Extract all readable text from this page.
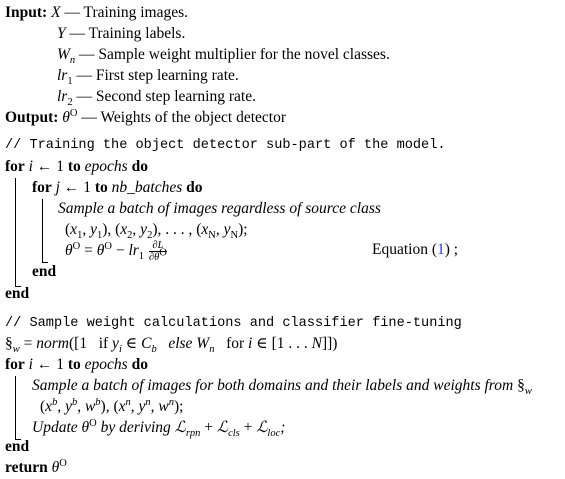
Input: X — Training images.
Y — Training labels.
$W_n$ — Sample weight multiplier for the novel classes.
$lr_1$ — First step learning rate.
$lr_2$ — Second step learning rate.
Output: $\theta^O$ — Weights of the object detector
// Training the object detector sub-part of the model.
for i ← 1 to epochs do
for j ← 1 to nb_batches do
Sample a batch of images regardless of source class
($x_1$, $y_1$), ($x_2$, $y_2$), . . . , ($x_N$, $y_N$);
$\theta^O = \theta^O - lr_1 \frac{\partial L}{\partial\theta^O}$	Equation (1) ;
end
end
// Sample weight calculations and classifier fine-tuning
$\S_w$ = norm([1   if $y_i$ ∈ $C_b$ else $W_n$   for i ∈ [1 . . . N]])
for i ← 1 to epochs do
Sample a batch of images for both domains and their labels and weights from $\S_w$
($x^b$, $y^b$, $w^b$), ($x^n$, $y^n$, $w^n$);
Update $\theta^O$ by deriving ℒ$_{rpn}$ + ℒ$_{cls}$ + ℒ$_{loc}$;
end
return $\theta^O$
